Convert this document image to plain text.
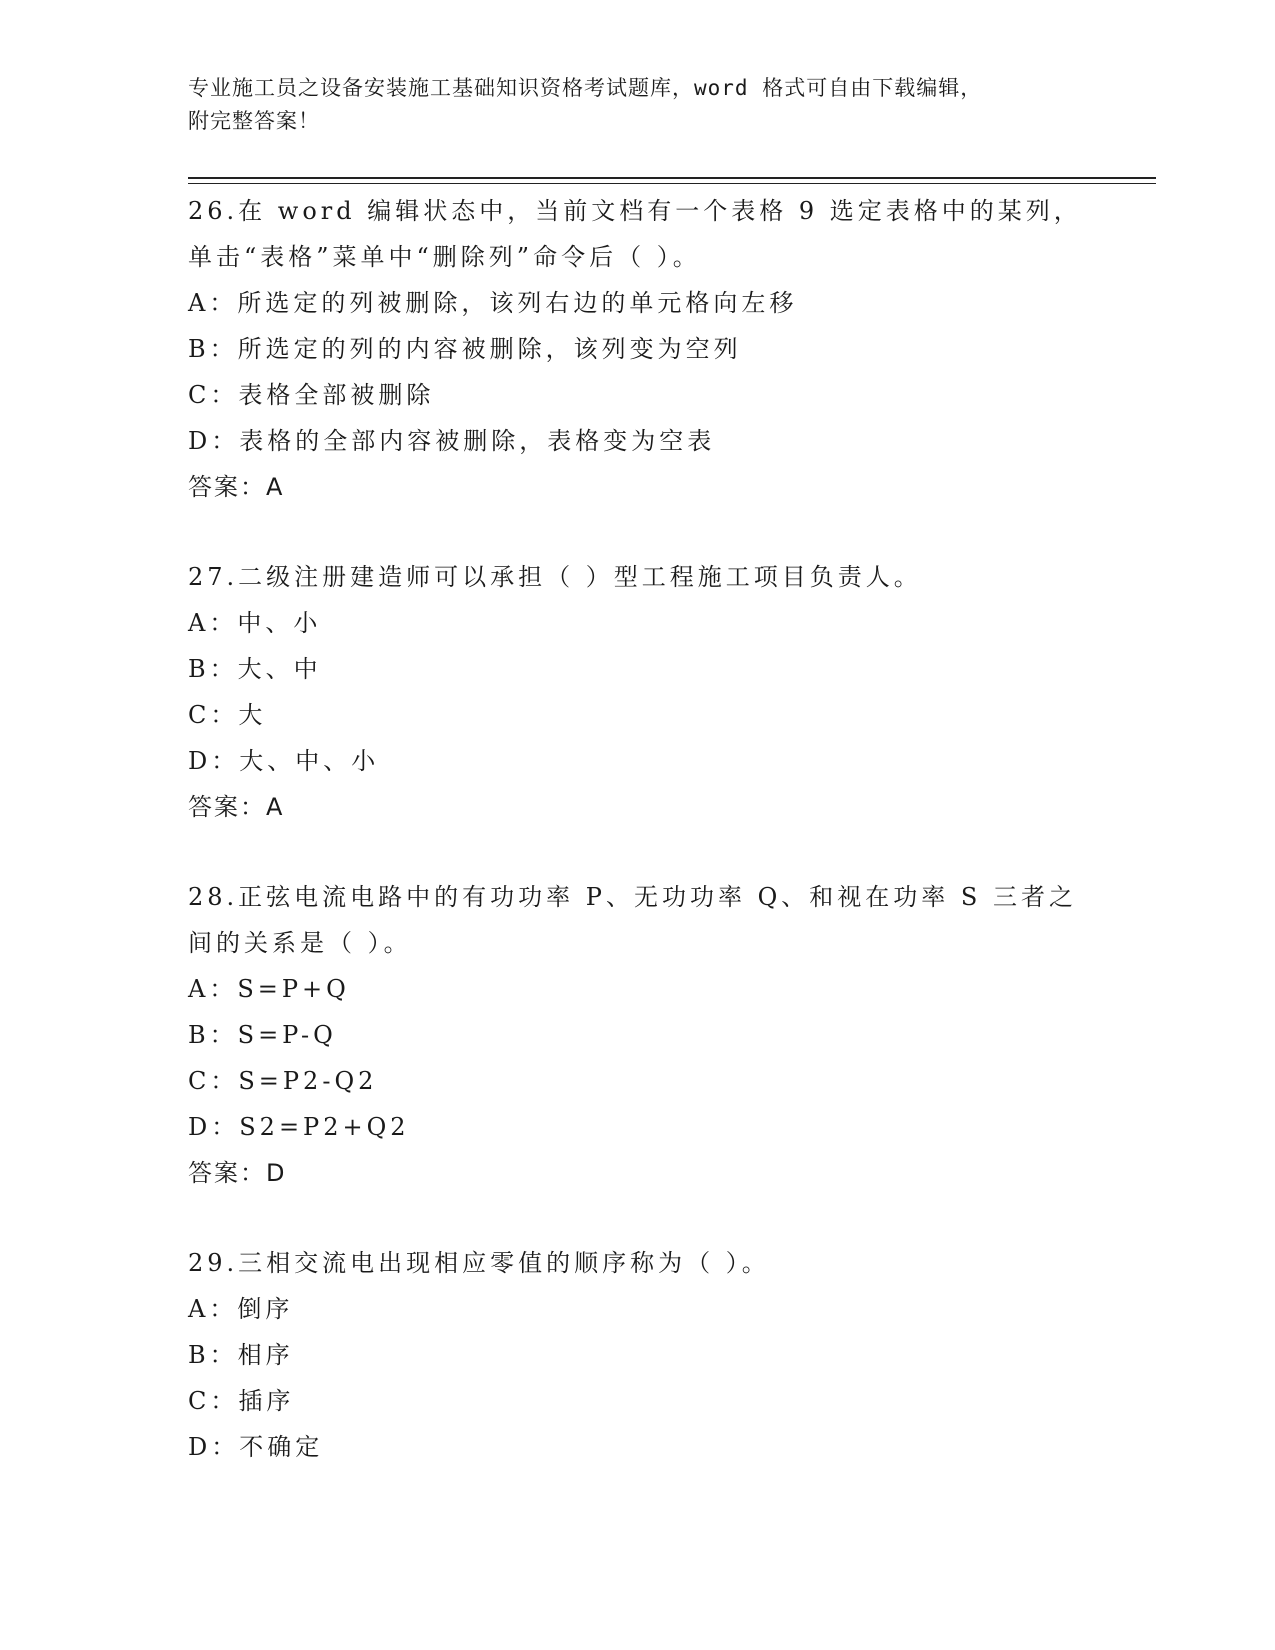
专业施工员之设备安装施工基础知识资格考试题库，word 格式可自由下载编辑，
附完整答案！
26.在 word 编辑状态中，当前文档有一个表格 9 选定表格中的某列，
单击“表格”菜单中“删除列”命令后（ ）。
A：所选定的列被删除，该列右边的单元格向左移
B：所选定的列的内容被删除，该列变为空列
C：表格全部被删除
D：表格的全部内容被删除，表格变为空表
答案：A
27.二级注册建造师可以承担（ ）型工程施工项目负责人。
A：中、小
B：大、中
C：大
D：大、中、小
答案：A
28.正弦电流电路中的有功功率 P、无功功率 Q、和视在功率 S 三者之
间的关系是（ ）。
A：S=P+Q
B：S=P-Q
C：S=P2-Q2
D：S2=P2+Q2
答案：D
29.三相交流电出现相应零值的顺序称为（ ）。
A：倒序
B：相序
C：插序
D：不确定
